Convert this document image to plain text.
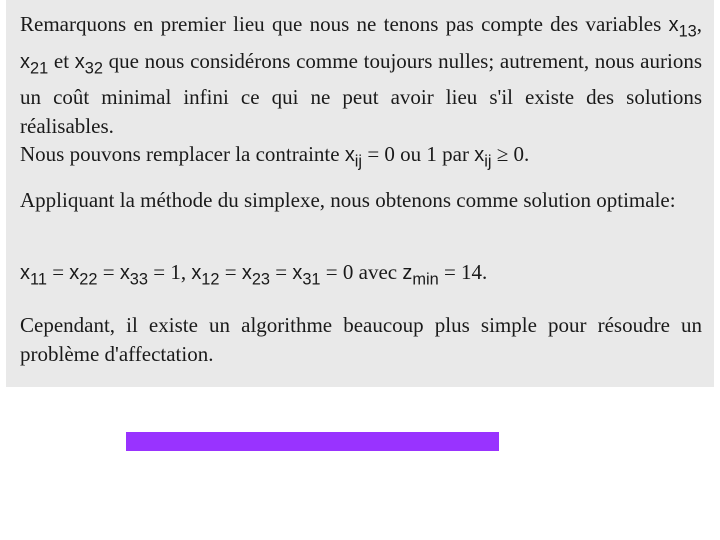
Remarquons en premier lieu que nous ne tenons pas compte des variables $x_{13}$, $x_{21}$ et $x_{32}$ que nous considérons comme toujours nulles; autrement, nous aurions un coût minimal infini ce qui ne peut avoir lieu s'il existe des solutions réalisables.

Nous pouvons remplacer la contrainte $x_{ij} = 0$ ou 1 par $x_{ij} \ge 0$.

Appliquant la méthode du simplexe, nous obtenons comme solution optimale:

$x_{11} = x_{22} = x_{33} = 1$, $x_{12} = x_{23} = x_{31} = 0$ avec $z_{min} = 14$.

Cependant, il existe un algorithme beaucoup plus simple pour résoudre un problème d'affectation.
